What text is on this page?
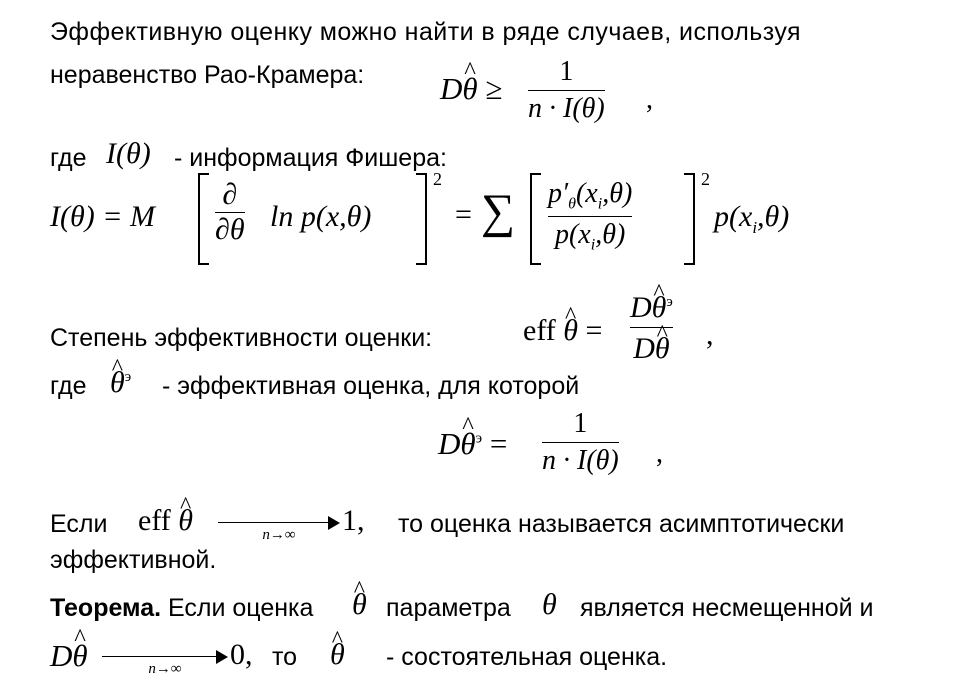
Эффективную оценку можно найти в ряде случаев, используя
неравенство Рао-Крамера: D^ θ ≥ 1
n · I(θ) ,
где I(θ) - информация Фишера:
I(θ) = M
∂
∂θ ln p(x,θ)
2
= ∑ $p'_\theta(x_i,\theta)$
$p(x_i,\theta)$
2
$p(x_i,\theta)$
Степень эффективности оценки:	eff ^ θ =
D^ $\theta^э$
D^ θ ,
где ^ $\theta^э$ - эффективная оценка, для которой
D^ $\theta^э$ =
1
n · I(θ) ,
Если eff ^ θ	n→∞	1, то оценка называется асимптотически
эффективной.
Теорема. Если оценка ^ θ параметра θ является несмещенной и
D^ θ	n→∞	0, то ^ θ - состоятельная оценка.
